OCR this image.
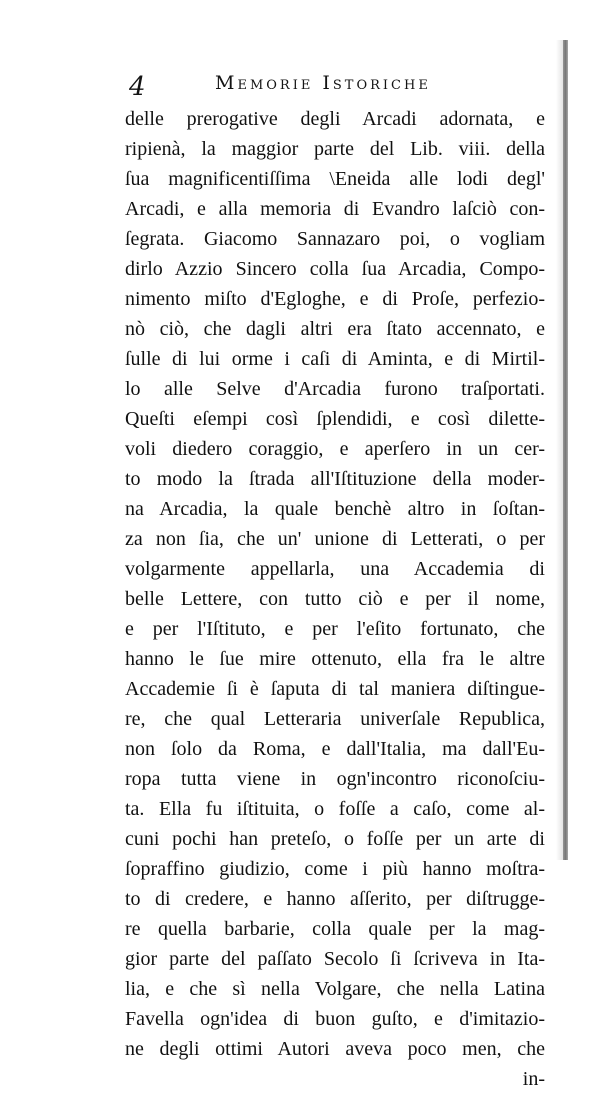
4	Memorie Istoriche
delle prerogative degli Arcadi adornata, e
ripienà, la maggior parte del Lib. viii. della
ſua magnificentiſſima \Eneida alle lodi degl'
Arcadi, e alla memoria di Evandro laſciò con-
ſegrata. Giacomo Sannazaro poi, o vogliam
dirlo Azzio Sincero colla ſua Arcadia, Compo-
nimento miſto d'Egloghe, e di Proſe, perfezio-
nò ciò, che dagli altri era ſtato accennato, e
ſulle di lui orme i caſi di Aminta, e di Mirtil-
lo alle Selve d'Arcadia furono traſportati.
Queſti eſempi così ſplendidi, e così dilette-
voli diedero coraggio, e aperſero in un cer-
to modo la ſtrada all'Iſtituzione della moder-
na Arcadia, la quale benchè altro in ſoſtan-
za non ſia, che un' unione di Letterati, o per
volgarmente appellarla, una Accademia di
belle Lettere, con tutto ciò e per il nome,
e per l'Iſtituto, e per l'eſito fortunato, che
hanno le ſue mire ottenuto, ella fra le altre
Accademie ſi è ſaputa di tal maniera diſtingue-
re, che qual Letteraria univerſale Republica,
non ſolo da Roma, e dall'Italia, ma dall'Eu-
ropa tutta viene in ogn'incontro riconoſciu-
ta. Ella fu iſtituita, o foſſe a caſo, come al-
cuni pochi han preteſo, o foſſe per un arte di
ſopraffino giudizio, come i più hanno moſtra-
to di credere, e hanno aſſerito, per diſtrugge-
re quella barbarie, colla quale per la mag-
gior parte del paſſato Secolo ſi ſcriveva in Ita-
lia, e che sì nella Volgare, che nella Latina
Favella ogn'idea di buon guſto, e d'imitazio-
ne degli ottimi Autori aveva poco men, che
in-
